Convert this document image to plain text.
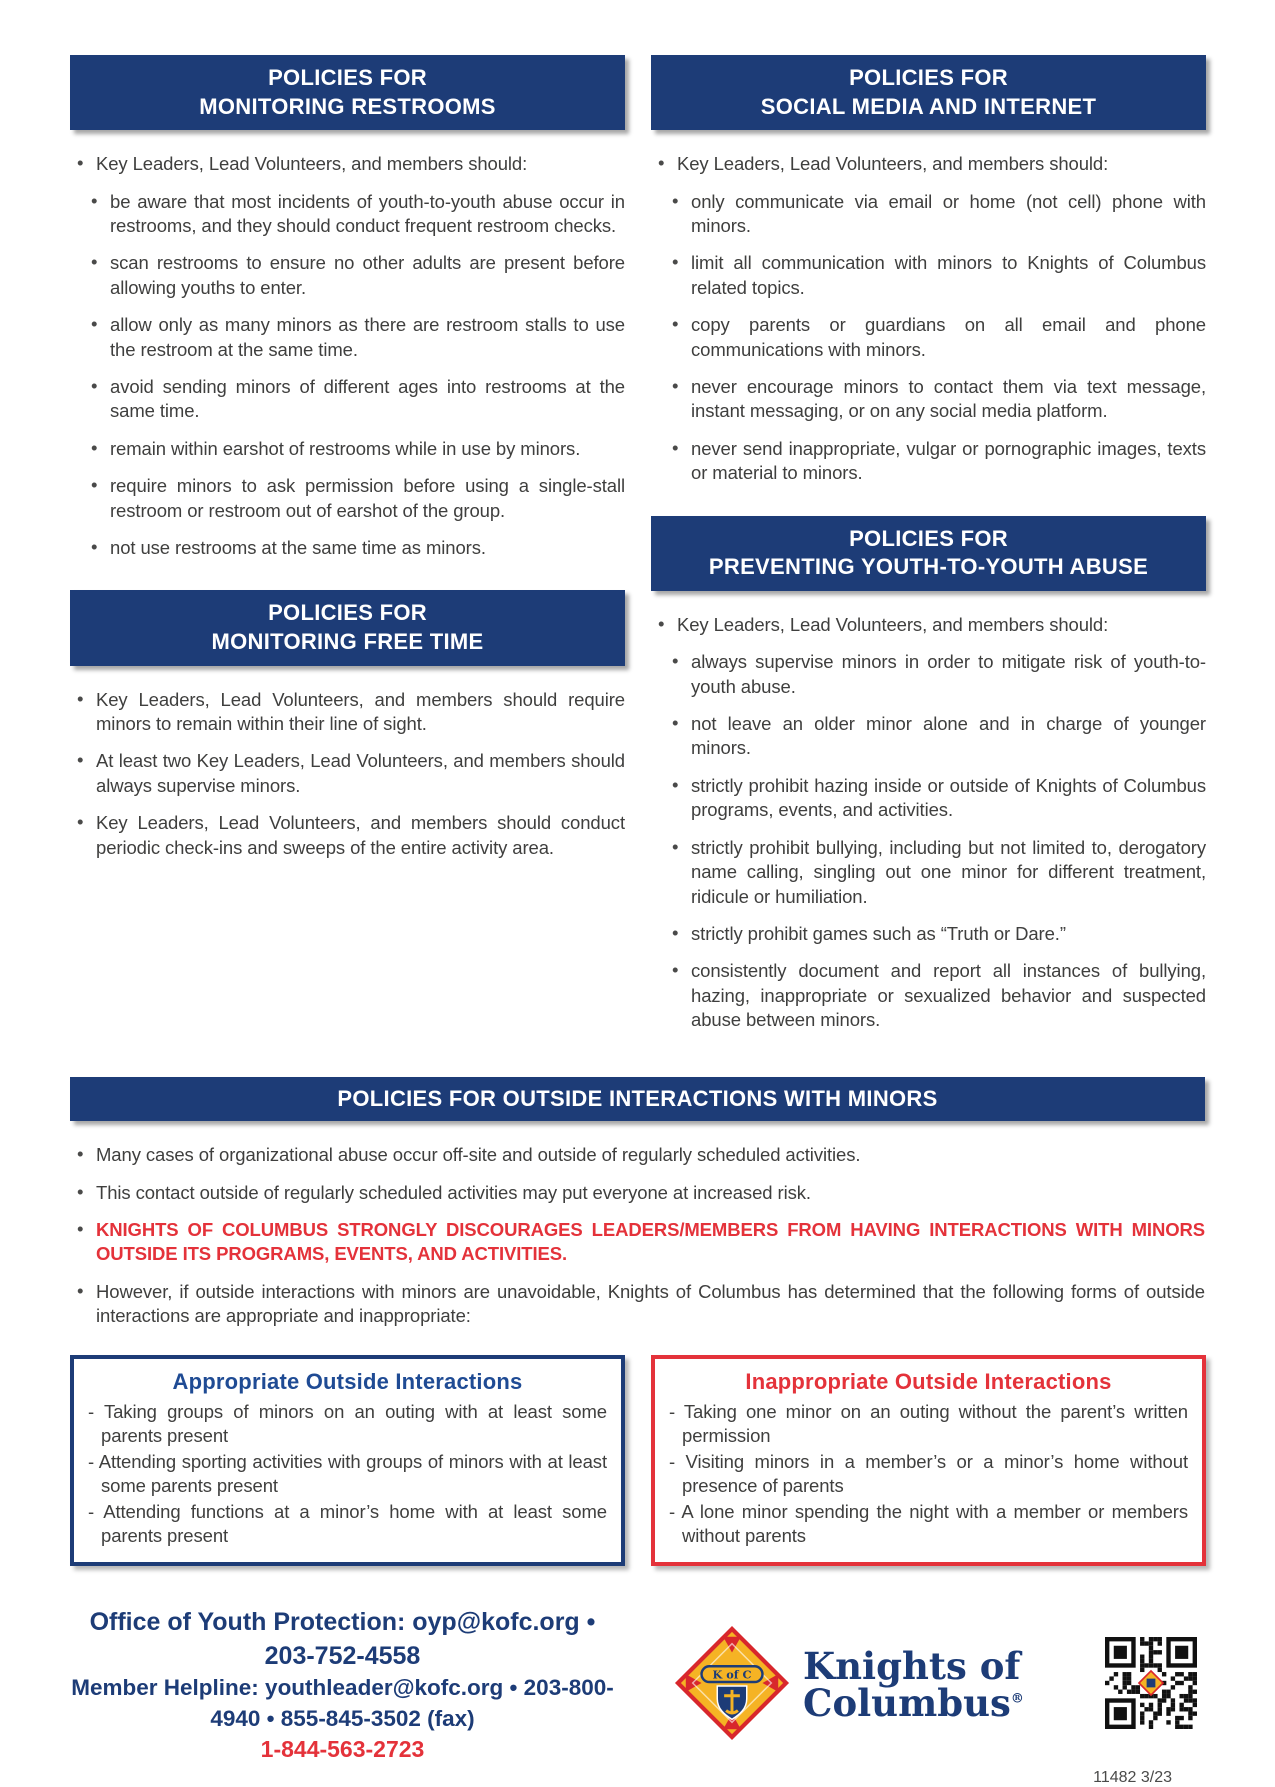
POLICIES FOR
MONITORING RESTROOMS
• Key Leaders, Lead Volunteers, and members should:
• be aware that most incidents of youth-to-youth abuse occur in restrooms, and they should conduct frequent restroom checks.
• scan restrooms to ensure no other adults are present before allowing youths to enter.
• allow only as many minors as there are restroom stalls to use the restroom at the same time.
• avoid sending minors of different ages into restrooms at the same time.
• remain within earshot of restrooms while in use by minors.
• require minors to ask permission before using a single-stall restroom or restroom out of earshot of the group.
• not use restrooms at the same time as minors.
POLICIES FOR
MONITORING FREE TIME
• Key Leaders, Lead Volunteers, and members should require minors to remain within their line of sight.
• At least two Key Leaders, Lead Volunteers, and members should always supervise minors.
• Key Leaders, Lead Volunteers, and members should conduct periodic check-ins and sweeps of the entire activity area.
POLICIES FOR
SOCIAL MEDIA AND INTERNET
• Key Leaders, Lead Volunteers, and members should:
• only communicate via email or home (not cell) phone with minors.
• limit all communication with minors to Knights of Columbus related topics.
• copy parents or guardians on all email and phone communications with minors.
• never encourage minors to contact them via text message, instant messaging, or on any social media platform.
• never send inappropriate, vulgar or pornographic images, texts or material to minors.
POLICIES FOR
PREVENTING YOUTH-TO-YOUTH ABUSE
• Key Leaders, Lead Volunteers, and members should:
• always supervise minors in order to mitigate risk of youth-to-youth abuse.
• not leave an older minor alone and in charge of younger minors.
• strictly prohibit hazing inside or outside of Knights of Columbus programs, events, and activities.
• strictly prohibit bullying, including but not limited to, derogatory name calling, singling out one minor for different treatment, ridicule or humiliation.
• strictly prohibit games such as “Truth or Dare.”
• consistently document and report all instances of bullying, hazing, inappropriate or sexualized behavior and suspected abuse between minors.
POLICIES FOR OUTSIDE INTERACTIONS WITH MINORS
• Many cases of organizational abuse occur off-site and outside of regularly scheduled activities.
• This contact outside of regularly scheduled activities may put everyone at increased risk.
• KNIGHTS OF COLUMBUS STRONGLY DISCOURAGES LEADERS/MEMBERS FROM HAVING INTERACTIONS WITH MINORS OUTSIDE ITS PROGRAMS, EVENTS, AND ACTIVITIES.
• However, if outside interactions with minors are unavoidable, Knights of Columbus has determined that the following forms of outside interactions are appropriate and inappropriate:
Appropriate Outside Interactions
- Taking groups of minors on an outing with at least some parents present
- Attending sporting activities with groups of minors with at least some parents present
- Attending functions at a minor’s home with at least some parents present
Inappropriate Outside Interactions
- Taking one minor on an outing without the parent’s written permission
- Visiting minors in a member’s or a minor’s home without presence of parents
- A lone minor spending the night with a member or members without parents
Office of Youth Protection: oyp@kofc.org • 203-752-4558
Member Helpline: youthleader@kofc.org • 203-800-4940 • 855-845-3502 (fax)
1-844-563-2723
K of C Knights of
Columbus®
11482 3/23
